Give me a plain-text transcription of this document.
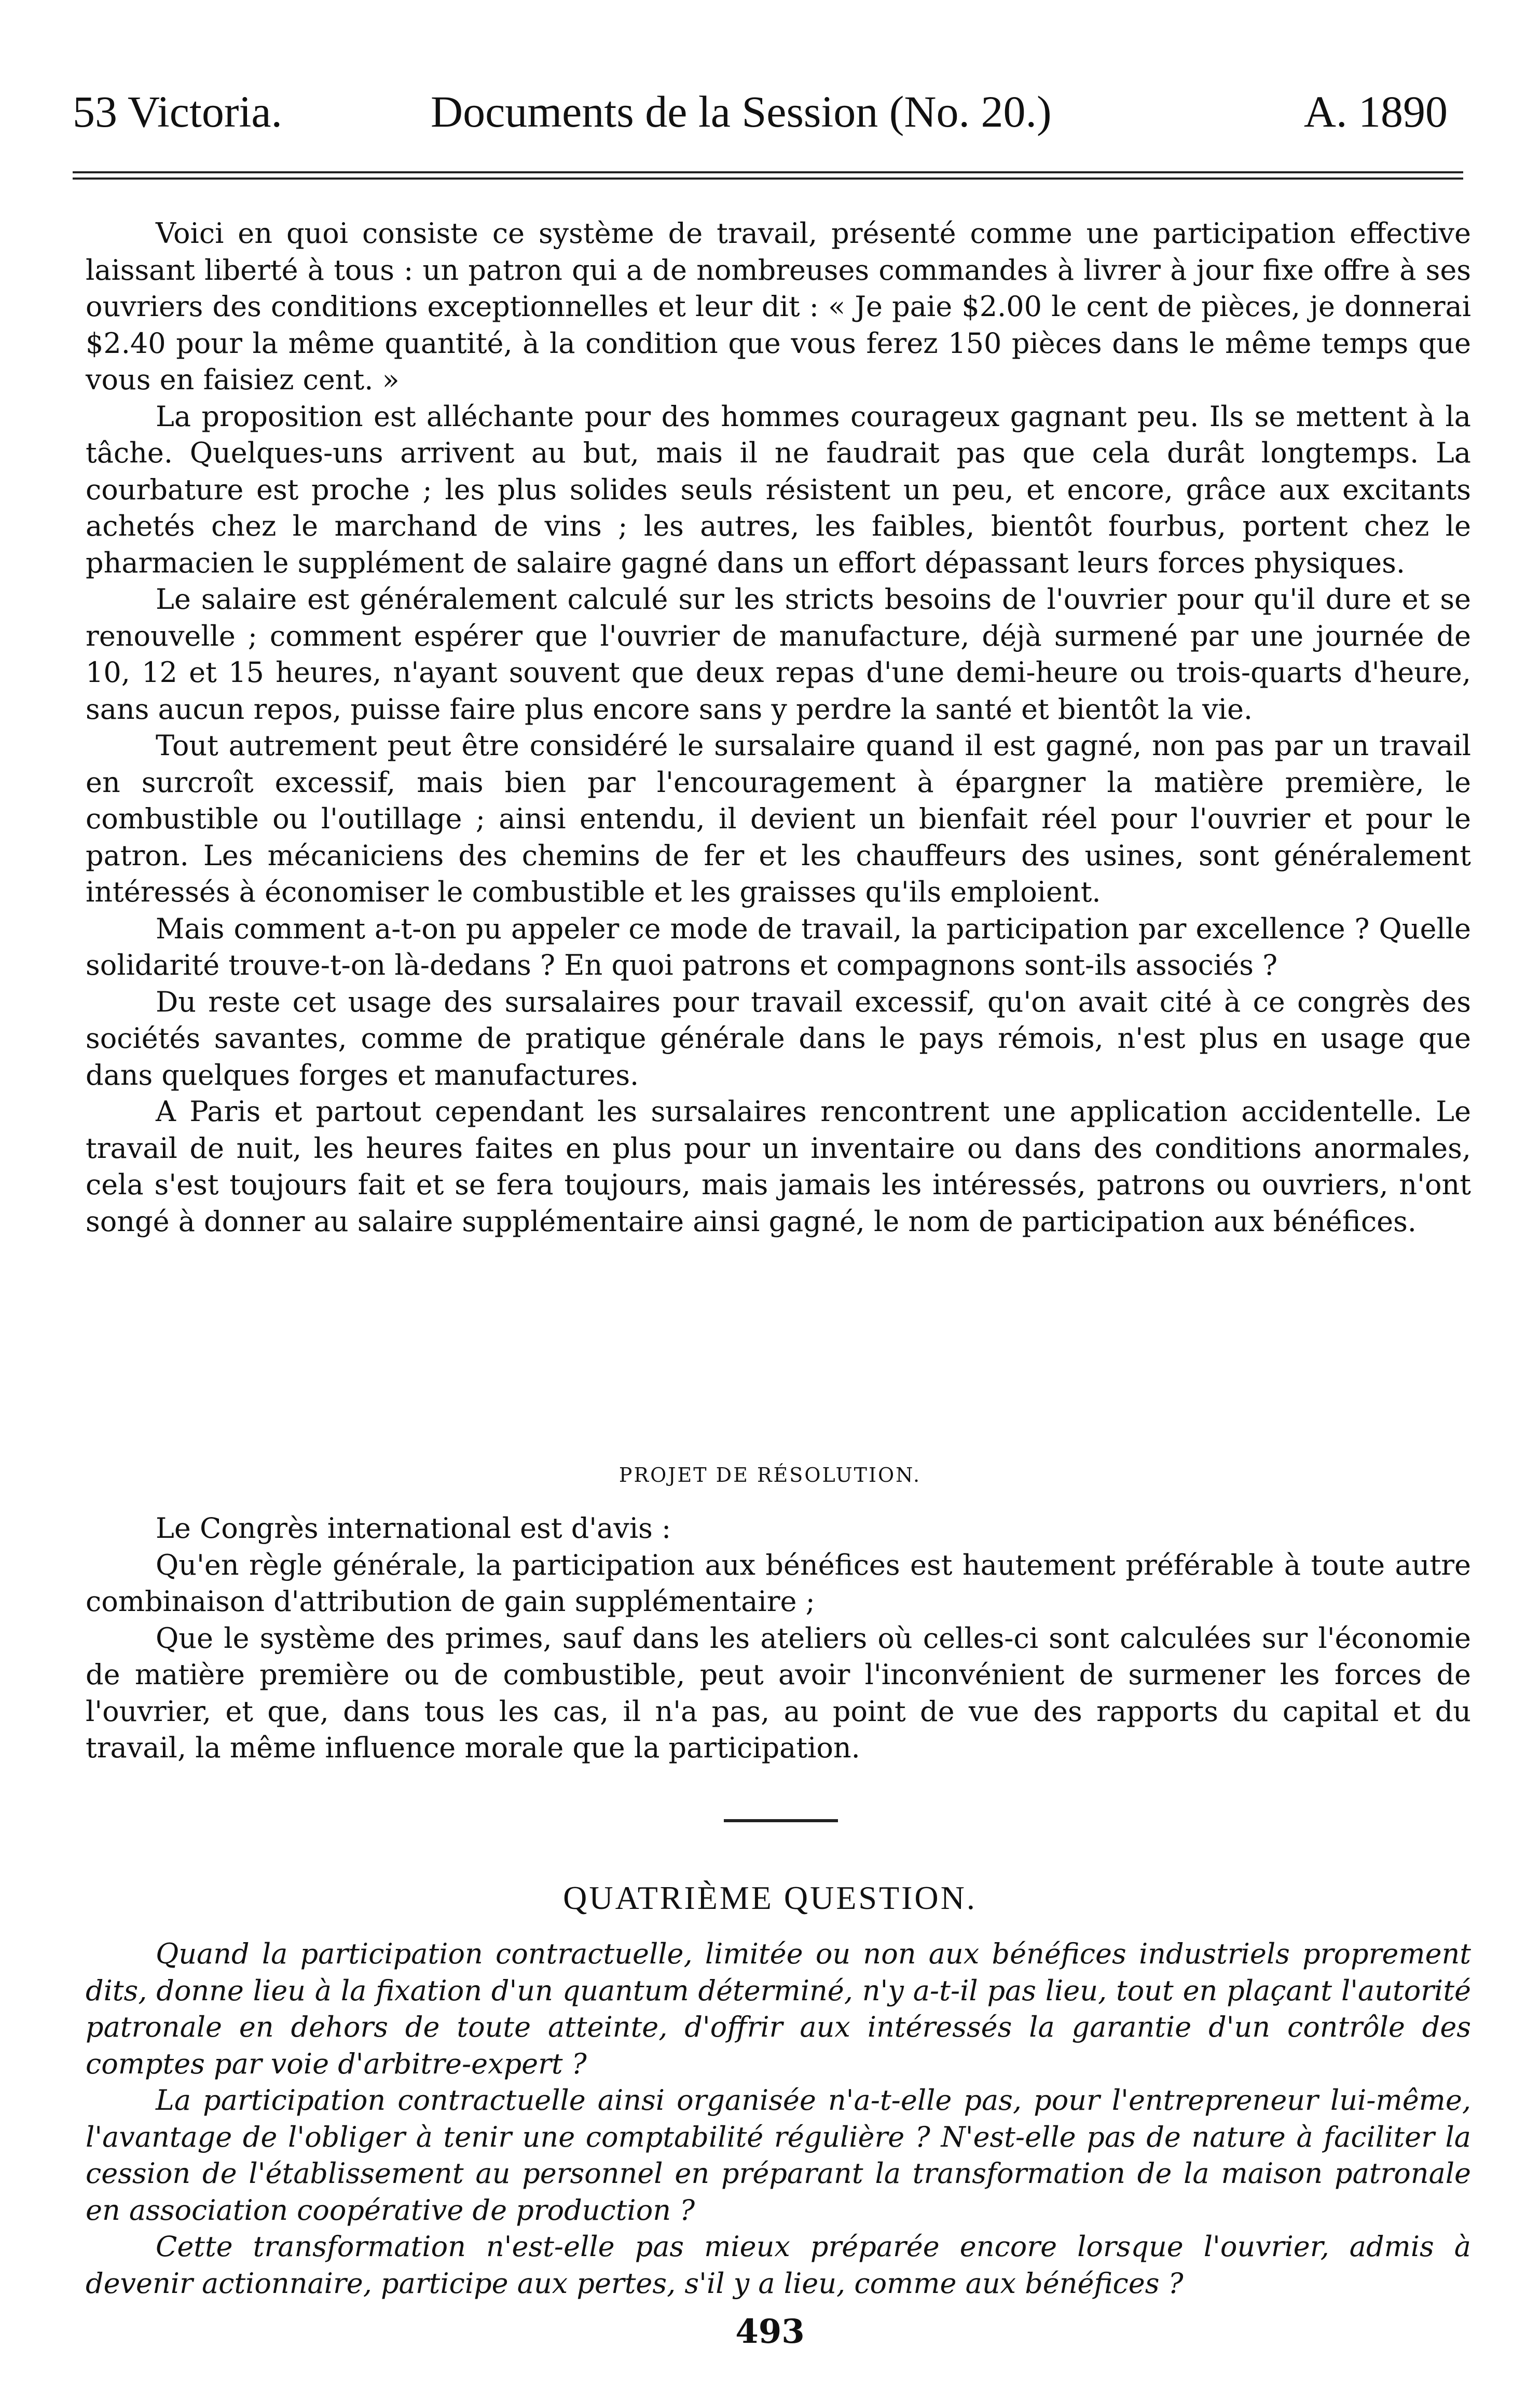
53 Victoria.	Documents de la Session (No. 20.)	A. 1890

Voici en quoi consiste ce système de travail, présenté comme une participation effective laissant liberté à tous : un patron qui a de nombreuses commandes à livrer à jour fixe offre à ses ouvriers des conditions exceptionnelles et leur dit : « Je paie $2.00 le cent de pièces, je donnerai $2.40 pour la même quantité, à la condition que vous ferez 150 pièces dans le même temps que vous en faisiez cent. »

La proposition est alléchante pour des hommes courageux gagnant peu. Ils se mettent à la tâche. Quelques-uns arrivent au but, mais il ne faudrait pas que cela durât longtemps. La courbature est proche ; les plus solides seuls résistent un peu, et encore, grâce aux excitants achetés chez le marchand de vins ; les autres, les faibles, bientôt fourbus, portent chez le pharmacien le supplément de salaire gagné dans un effort dépassant leurs forces physiques.

Le salaire est généralement calculé sur les stricts besoins de l'ouvrier pour qu'il dure et se renouvelle ; comment espérer que l'ouvrier de manufacture, déjà surmené par une journée de 10, 12 et 15 heures, n'ayant souvent que deux repas d'une demi-heure ou trois-quarts d'heure, sans aucun repos, puisse faire plus encore sans y perdre la santé et bientôt la vie.

Tout autrement peut être considéré le sursalaire quand il est gagné, non pas par un travail en surcroît excessif, mais bien par l'encouragement à épargner la matière première, le combustible ou l'outillage ; ainsi entendu, il devient un bienfait réel pour l'ouvrier et pour le patron. Les mécaniciens des chemins de fer et les chauffeurs des usines, sont généralement intéressés à économiser le combustible et les graisses qu'ils emploient.

Mais comment a-t-on pu appeler ce mode de travail, la participation par excellence ? Quelle solidarité trouve-t-on là-dedans ? En quoi patrons et compagnons sont-ils associés ?

Du reste cet usage des sursalaires pour travail excessif, qu'on avait cité à ce congrès des sociétés savantes, comme de pratique générale dans le pays rémois, n'est plus en usage que dans quelques forges et manufactures.

A Paris et partout cependant les sursalaires rencontrent une application accidentelle. Le travail de nuit, les heures faites en plus pour un inventaire ou dans des conditions anormales, cela s'est toujours fait et se fera toujours, mais jamais les intéressés, patrons ou ouvriers, n'ont songé à donner au salaire supplémentaire ainsi gagné, le nom de participation aux bénéfices.

PROJET DE RÉSOLUTION.

Le Congrès international est d'avis :

Qu'en règle générale, la participation aux bénéfices est hautement préférable à toute autre combinaison d'attribution de gain supplémentaire ;

Que le système des primes, sauf dans les ateliers où celles-ci sont calculées sur l'économie de matière première ou de combustible, peut avoir l'inconvénient de surmener les forces de l'ouvrier, et que, dans tous les cas, il n'a pas, au point de vue des rapports du capital et du travail, la même influence morale que la participation.

QUATRIÈME QUESTION.

Quand la participation contractuelle, limitée ou non aux bénéfices industriels proprement dits, donne lieu à la fixation d'un quantum déterminé, n'y a-t-il pas lieu, tout en plaçant l'autorité patronale en dehors de toute atteinte, d'offrir aux intéressés la garantie d'un contrôle des comptes par voie d'arbitre-expert ?

La participation contractuelle ainsi organisée n'a-t-elle pas, pour l'entrepreneur lui-même, l'avantage de l'obliger à tenir une comptabilité régulière ? N'est-elle pas de nature à faciliter la cession de l'établissement au personnel en préparant la transformation de la maison patronale en association coopérative de production ?

Cette transformation n'est-elle pas mieux préparée encore lorsque l'ouvrier, admis à devenir actionnaire, participe aux pertes, s'il y a lieu, comme aux bénéfices ?

493
